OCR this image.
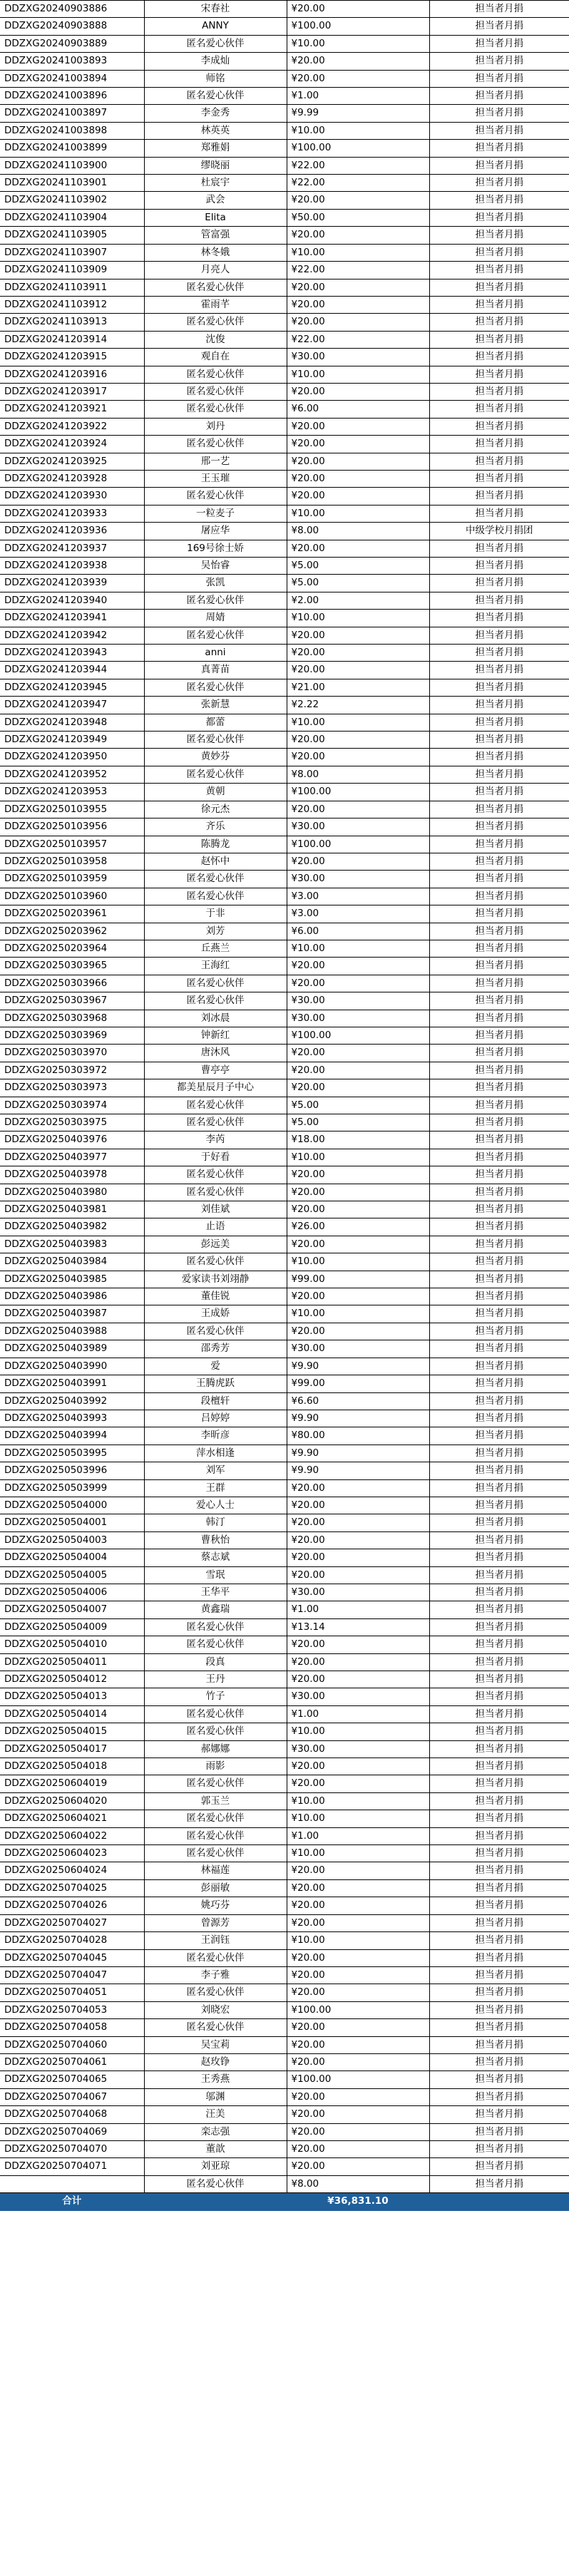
DDZXG20240903886	宋春社	¥20.00	担当者月捐
DDZXG20240903888	ANNY	¥100.00	担当者月捐
DDZXG20240903889	匿名爱心伙伴	¥10.00	担当者月捐
DDZXG20241003893	李成灿	¥20.00	担当者月捐
DDZXG20241003894	师铭	¥20.00	担当者月捐
DDZXG20241003896	匿名爱心伙伴	¥1.00	担当者月捐
DDZXG20241003897	李金秀	¥9.99	担当者月捐
DDZXG20241003898	林英英	¥10.00	担当者月捐
DDZXG20241003899	郑雅娟	¥100.00	担当者月捐
DDZXG20241103900	缪晓丽	¥22.00	担当者月捐
DDZXG20241103901	杜宸宇	¥22.00	担当者月捐
DDZXG20241103902	武会	¥20.00	担当者月捐
DDZXG20241103904	Elita	¥50.00	担当者月捐
DDZXG20241103905	管富强	¥20.00	担当者月捐
DDZXG20241103907	林冬娥	¥10.00	担当者月捐
DDZXG20241103909	月亮人	¥22.00	担当者月捐
DDZXG20241103911	匿名爱心伙伴	¥20.00	担当者月捐
DDZXG20241103912	霍雨芊	¥20.00	担当者月捐
DDZXG20241103913	匿名爱心伙伴	¥20.00	担当者月捐
DDZXG20241203914	沈俊	¥22.00	担当者月捐
DDZXG20241203915	观自在	¥30.00	担当者月捐
DDZXG20241203916	匿名爱心伙伴	¥10.00	担当者月捐
DDZXG20241203917	匿名爱心伙伴	¥20.00	担当者月捐
DDZXG20241203921	匿名爱心伙伴	¥6.00	担当者月捐
DDZXG20241203922	刘丹	¥20.00	担当者月捐
DDZXG20241203924	匿名爱心伙伴	¥20.00	担当者月捐
DDZXG20241203925	邢一艺	¥20.00	担当者月捐
DDZXG20241203928	王玉璀	¥20.00	担当者月捐
DDZXG20241203930	匿名爱心伙伴	¥20.00	担当者月捐
DDZXG20241203933	一粒麦子	¥10.00	担当者月捐
DDZXG20241203936	屠应华	¥8.00	中级学校月捐团
DDZXG20241203937	169号徐士娇	¥20.00	担当者月捐
DDZXG20241203938	吴怡睿	¥5.00	担当者月捐
DDZXG20241203939	张凯	¥5.00	担当者月捐
DDZXG20241203940	匿名爱心伙伴	¥2.00	担当者月捐
DDZXG20241203941	周婧	¥10.00	担当者月捐
DDZXG20241203942	匿名爱心伙伴	¥20.00	担当者月捐
DDZXG20241203943	anni	¥20.00	担当者月捐
DDZXG20241203944	真菁苗	¥20.00	担当者月捐
DDZXG20241203945	匿名爱心伙伴	¥21.00	担当者月捐
DDZXG20241203947	张新慧	¥2.22	担当者月捐
DDZXG20241203948	都蕾	¥10.00	担当者月捐
DDZXG20241203949	匿名爱心伙伴	¥20.00	担当者月捐
DDZXG20241203950	黄妙芬	¥20.00	担当者月捐
DDZXG20241203952	匿名爱心伙伴	¥8.00	担当者月捐
DDZXG20241203953	黄朝	¥100.00	担当者月捐
DDZXG20250103955	徐元杰	¥20.00	担当者月捐
DDZXG20250103956	齐乐	¥30.00	担当者月捐
DDZXG20250103957	陈腾龙	¥100.00	担当者月捐
DDZXG20250103958	赵怀中	¥20.00	担当者月捐
DDZXG20250103959	匿名爱心伙伴	¥30.00	担当者月捐
DDZXG20250103960	匿名爱心伙伴	¥3.00	担当者月捐
DDZXG20250203961	于非	¥3.00	担当者月捐
DDZXG20250203962	刘芳	¥6.00	担当者月捐
DDZXG20250203964	丘燕兰	¥10.00	担当者月捐
DDZXG20250303965	王海红	¥20.00	担当者月捐
DDZXG20250303966	匿名爱心伙伴	¥20.00	担当者月捐
DDZXG20250303967	匿名爱心伙伴	¥30.00	担当者月捐
DDZXG20250303968	刘冰晨	¥30.00	担当者月捐
DDZXG20250303969	钟新红	¥100.00	担当者月捐
DDZXG20250303970	唐沐风	¥20.00	担当者月捐
DDZXG20250303972	曹亭亭	¥20.00	担当者月捐
DDZXG20250303973	都美星辰月子中心	¥20.00	担当者月捐
DDZXG20250303974	匿名爱心伙伴	¥5.00	担当者月捐
DDZXG20250303975	匿名爱心伙伴	¥5.00	担当者月捐
DDZXG20250403976	李芮	¥18.00	担当者月捐
DDZXG20250403977	于好看	¥10.00	担当者月捐
DDZXG20250403978	匿名爱心伙伴	¥20.00	担当者月捐
DDZXG20250403980	匿名爱心伙伴	¥20.00	担当者月捐
DDZXG20250403981	刘佳斌	¥20.00	担当者月捐
DDZXG20250403982	止语	¥26.00	担当者月捐
DDZXG20250403983	彭远美	¥20.00	担当者月捐
DDZXG20250403984	匿名爱心伙伴	¥10.00	担当者月捐
DDZXG20250403985	爱家读书刘翊静	¥99.00	担当者月捐
DDZXG20250403986	董佳锐	¥20.00	担当者月捐
DDZXG20250403987	王成娇	¥10.00	担当者月捐
DDZXG20250403988	匿名爱心伙伴	¥20.00	担当者月捐
DDZXG20250403989	邵秀芳	¥30.00	担当者月捐
DDZXG20250403990	爱	¥9.90	担当者月捐
DDZXG20250403991	王腾虎跃	¥99.00	担当者月捐
DDZXG20250403992	段檀轩	¥6.60	担当者月捐
DDZXG20250403993	吕婷婷	¥9.90	担当者月捐
DDZXG20250403994	李昕彦	¥80.00	担当者月捐
DDZXG20250503995	萍水相逢	¥9.90	担当者月捐
DDZXG20250503996	刘军	¥9.90	担当者月捐
DDZXG20250503999	王群	¥20.00	担当者月捐
DDZXG20250504000	爱心人士	¥20.00	担当者月捐
DDZXG20250504001	韩汀	¥20.00	担当者月捐
DDZXG20250504003	曹秋怡	¥20.00	担当者月捐
DDZXG20250504004	蔡志斌	¥20.00	担当者月捐
DDZXG20250504005	雪珉	¥20.00	担当者月捐
DDZXG20250504006	王华平	¥30.00	担当者月捐
DDZXG20250504007	黄鑫瑞	¥1.00	担当者月捐
DDZXG20250504009	匿名爱心伙伴	¥13.14	担当者月捐
DDZXG20250504010	匿名爱心伙伴	¥20.00	担当者月捐
DDZXG20250504011	段真	¥20.00	担当者月捐
DDZXG20250504012	王丹	¥20.00	担当者月捐
DDZXG20250504013	竹子	¥30.00	担当者月捐
DDZXG20250504014	匿名爱心伙伴	¥1.00	担当者月捐
DDZXG20250504015	匿名爱心伙伴	¥10.00	担当者月捐
DDZXG20250504017	郝娜娜	¥30.00	担当者月捐
DDZXG20250504018	雨影	¥20.00	担当者月捐
DDZXG20250604019	匿名爱心伙伴	¥20.00	担当者月捐
DDZXG20250604020	郭玉兰	¥10.00	担当者月捐
DDZXG20250604021	匿名爱心伙伴	¥10.00	担当者月捐
DDZXG20250604022	匿名爱心伙伴	¥1.00	担当者月捐
DDZXG20250604023	匿名爱心伙伴	¥10.00	担当者月捐
DDZXG20250604024	林福莲	¥20.00	担当者月捐
DDZXG20250704025	彭丽敏	¥20.00	担当者月捐
DDZXG20250704026	姚巧芬	¥20.00	担当者月捐
DDZXG20250704027	曾源芳	¥20.00	担当者月捐
DDZXG20250704028	王润钰	¥10.00	担当者月捐
DDZXG20250704045	匿名爱心伙伴	¥20.00	担当者月捐
DDZXG20250704047	李子雅	¥20.00	担当者月捐
DDZXG20250704051	匿名爱心伙伴	¥20.00	担当者月捐
DDZXG20250704053	刘晓宏	¥100.00	担当者月捐
DDZXG20250704058	匿名爱心伙伴	¥20.00	担当者月捐
DDZXG20250704060	吴宝莉	¥20.00	担当者月捐
DDZXG20250704061	赵玫铮	¥20.00	担当者月捐
DDZXG20250704065	王秀燕	¥100.00	担当者月捐
DDZXG20250704067	邬渊	¥20.00	担当者月捐
DDZXG20250704068	汪美	¥20.00	担当者月捐
DDZXG20250704069	栾志强	¥20.00	担当者月捐
DDZXG20250704070	董歆	¥20.00	担当者月捐
DDZXG20250704071	刘亚琼	¥20.00	担当者月捐
	匿名爱心伙伴	¥8.00	担当者月捐
合计		¥36,831.10	
